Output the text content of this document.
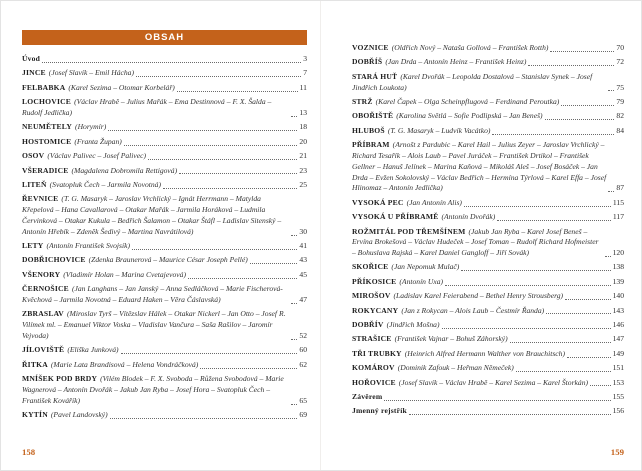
OBSAH
Úvod	3
JINCE (Josef Slavík – Emil Hácha)	7
FELBABKA (Karel Sezima – Otomar Korbelář)	11
LOCHOVICE (Václav Hrabě – Julius Mařák – Ema Destinnová – F. X. Šalda – Rudolf Jedlička)	13
NEUMĚTELY (Horymír)	18
HOSTOMICE (Franta Župan)	20
OSOV (Václav Palivec – Josef Palivec)	21
VŠERADICE (Magdalena Dobromila Rettigová)	23
LITEŇ (Svatopluk Čech – Jarmila Novotná)	25
ŘEVNICE (T. G. Masaryk – Jaroslav Vrchlický – Ignát Herrmann – Matylda Křepelová – Hana Cavallarová – Otakar Mařák – Jarmila Horáková – Ludmila Červinková – Otakar Kukula – Bedřich Šalamon – Otakar Štáfl – Ladislav Sitenský – Antonín Hřebík – Zdeněk Šedivý – Martina Navrátilová)	30
LETY (Antonín František Svojsík)	41
DOBŘICHOVICE (Zdenka Braunerová – Maurice César Joseph Pellé)	43
VŠENORY (Vladimír Holan – Marina Cvetajevová)	45
ČERNOŠICE (Jan Langhans – Jan Janský – Anna Sedláčková – Marie Fischerová-Kvěchová – Jarmila Novotná – Eduard Haken – Věra Čáslavská)	47
ZBRASLAV (Miroslav Tyrš – Vítězslav Hálek – Otakar Nickerl – Jan Otto – Josef R. Vilímek ml. – Emanuel Viktor Voska – Vladislav Vančura – Saša Rašilov – Jaromír Vejvoda)	52
JÍLOVIŠTĚ (Eliška Junková)	60
ŘITKA (Marie Lata Brandisová – Helena Vondráčková)	62
MNÍŠEK POD BRDY (Vilém Blodek – F. X. Svoboda – Růžena Svobodová – Marie Wagnerová – Antonín Dvořák – Jakub Jan Ryba – Josef Hora – Svatopluk Čech – František Kovářík)	65
KYTÍN (Pavel Landovský)	69
158
VOZNICE (Oldřich Nový – Nataša Gollová – František Rotth)	70
DOBŘÍŠ (Jan Drda – Antonín Heinz – František Heinz)	72
STARÁ HUŤ (Karel Dvořák – Leopolda Dostalová – Stanislav Synek – Josef Jindřich Loukota)	75
STRŽ (Karel Čapek – Olga Scheinpflugová – Ferdinand Peroutka)	79
OBOŘIŠTĚ (Karolina Světlá – Sofie Podlipská – Jan Beneš)	82
HLUBOŠ (T. G. Masaryk – Ludvík Vacátko)	84
PŘÍBRAM (Arnošt z Pardubic – Karel Hail – Julius Zeyer – Jaroslav Vrchlický – Richard Tesařík – Alois Laub – Pavel Juráček – František Drtikol – František Gellner – Hanuš Jelínek – Marina Kaňová – Mikoláš Aleš – Josef Bosáček – Jan Drda – Evžen Sokolovský – Václav Bedřich – Hermína Týrlová – Karel Effa – Josef Hlinomaz – Antonín Jedlička)	87
VYSOKÁ PEC (Jan Antonín Alis)	115
VYSOKÁ U PŘÍBRAMĚ (Antonín Dvořák)	117
ROŽMITÁL POD TŘEMŠÍNEM (Jakub Jan Ryba – Karel Josef Beneš – Ervína Brokešová – Václav Hudeček – Josef Toman – Rudolf Richard Hofmeister – Bohuslava Rajská – Karel Daniel Gangloff – Jiří Sovák)	120
SKOŘICE (Jan Nepomuk Mulač)	138
PŘÍKOSICE (Antonín Uxa)	139
MIROŠOV (Ladislav Karel Feierabend – Bethel Henry Strousberg)	140
ROKYCANY (Jan z Rokycan – Alois Laub – Čestmír Řanda)	143
DOBŘÍV (Jindřich Mošna)	146
STRAŠICE (František Vajnar – Bohuš Záhorský)	147
TŘI TRUBKY (Heinrich Alfred Hermann Walther von Brauchitsch)	149
KOMÁROV (Dominik Zafouk – Heřman Němeček)	151
HOŘOVICE (Josef Slavík – Václav Hrabě – Karel Sezima – Karel Štorkán)	153
Závěrem	155
Jmenný rejstřík	156
159
